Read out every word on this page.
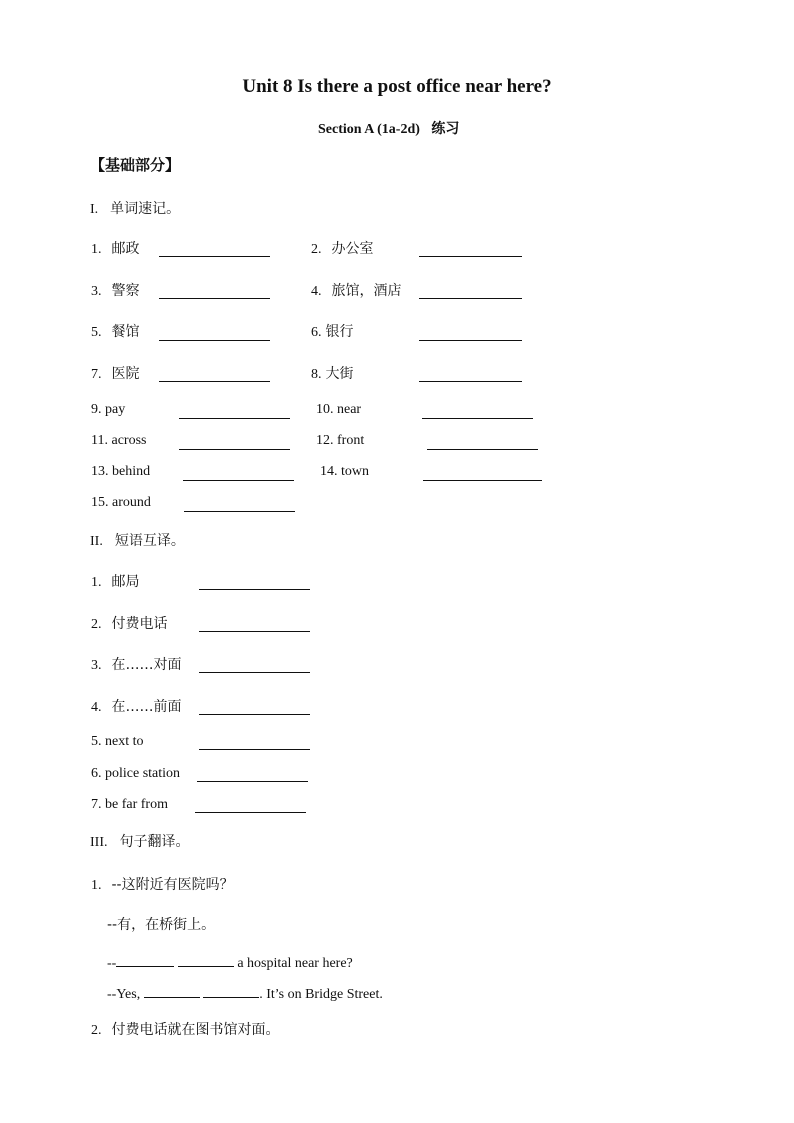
Unit 8 Is there a post office near here?
Section A (1a-2d) 练习
【基础部分】
I. 单词速记。
1. 邮政	2. 办公室
3. 警察	4. 旅馆，酒店
5. 餐馆	6. 银行
7. 医院	8. 大街
9. pay	10. near
11. across	12. front
13. behind	14. town
15. around
II. 短语互译。
1. 邮局
2. 付费电话
3. 在……对面
4. 在……前面
5. next to
6. police station
7. be far from
III. 句子翻译。
1. --这附近有医院吗？
--有，在桥街上。
--	a hospital near here?
--Yes,	. It’s on Bridge Street.
2. 付费电话就在图书馆对面。
